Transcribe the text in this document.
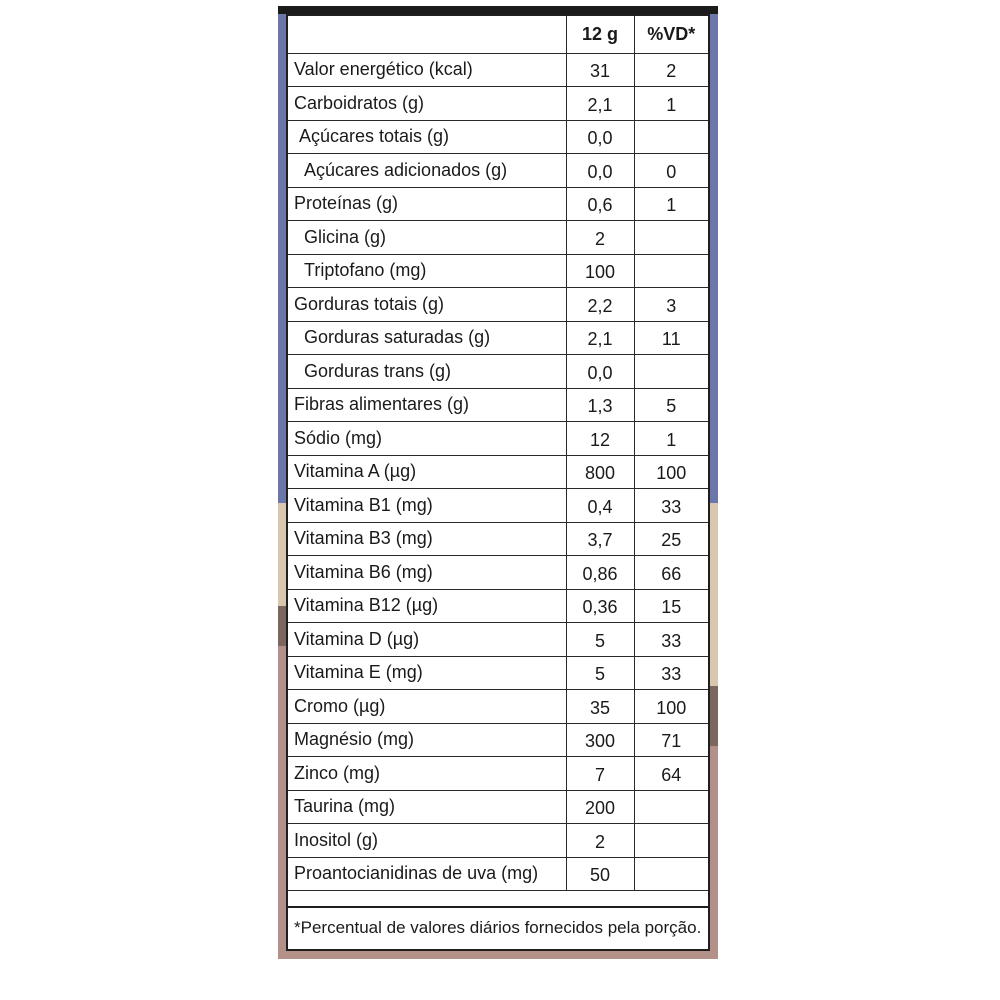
	12 g	%VD*
Valor energético (kcal)	31	2
Carboidratos (g)	2,1	1
Açúcares totais (g)	0,0	
Açúcares adicionados (g)	0,0	0
Proteínas (g)	0,6	1
Glicina (g)	2	
Triptofano (mg)	100	
Gorduras totais (g)	2,2	3
Gorduras saturadas (g)	2,1	11
Gorduras trans (g)	0,0	
Fibras alimentares (g)	1,3	5
Sódio (mg)	12	1
Vitamina A (µg)	800	100
Vitamina B1 (mg)	0,4	33
Vitamina B3 (mg)	3,7	25
Vitamina B6 (mg)	0,86	66
Vitamina B12 (µg)	0,36	15
Vitamina D (µg)	5	33
Vitamina E (mg)	5	33
Cromo (µg)	35	100
Magnésio (mg)	300	71
Zinco (mg)	7	64
Taurina (mg)	200	
Inositol (g)	2	
Proantocianidinas de uva (mg)	50	
*Percentual de valores diários fornecidos pela porção.
